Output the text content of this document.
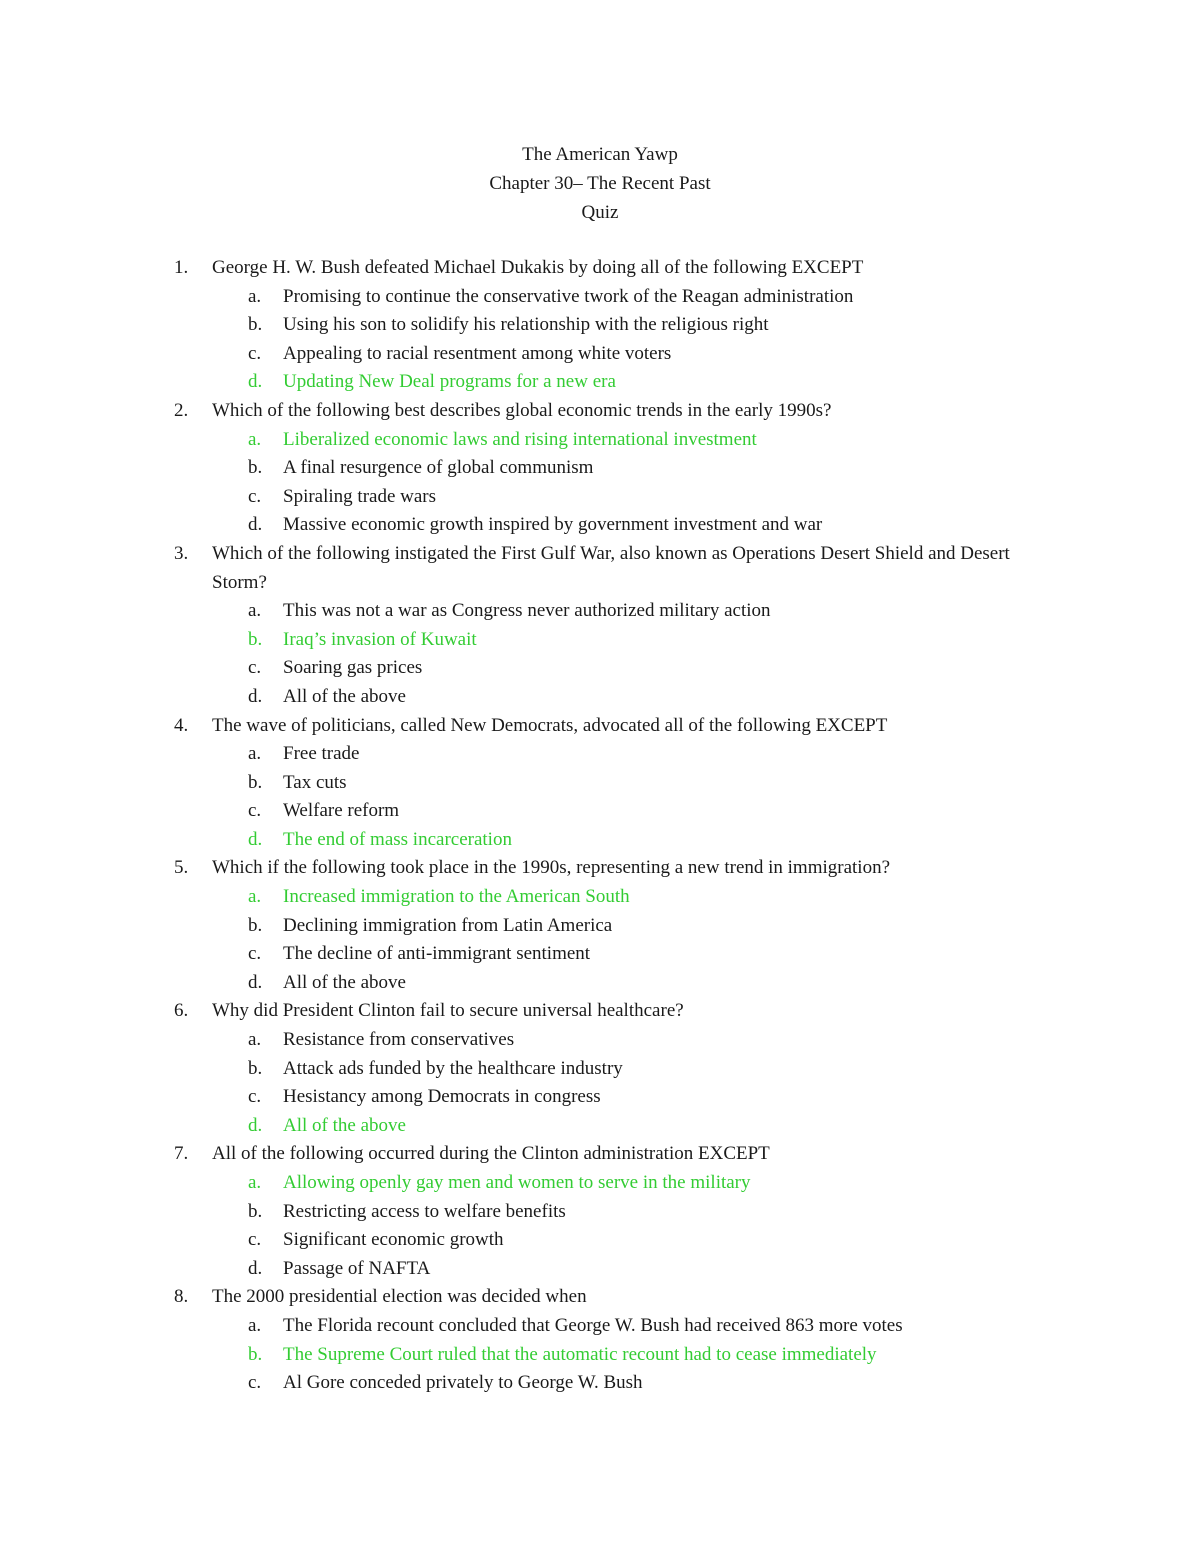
The American Yawp
Chapter 30– The Recent Past
Quiz
1. George H. W. Bush defeated Michael Dukakis by doing all of the following EXCEPT
a. Promising to continue the conservative twork of the Reagan administration
b. Using his son to solidify his relationship with the religious right
c. Appealing to racial resentment among white voters
d. Updating New Deal programs for a new era
2. Which of the following best describes global economic trends in the early 1990s?
a. Liberalized economic laws and rising international investment
b. A final resurgence of global communism
c. Spiraling trade wars
d. Massive economic growth inspired by government investment and war
3. Which of the following instigated the First Gulf War, also known as Operations Desert Shield and Desert Storm?
a. This was not a war as Congress never authorized military action
b. Iraq’s invasion of Kuwait
c. Soaring gas prices
d. All of the above
4. The wave of politicians, called New Democrats, advocated all of the following EXCEPT
a. Free trade
b. Tax cuts
c. Welfare reform
d. The end of mass incarceration
5. Which if the following took place in the 1990s, representing a new trend in immigration?
a. Increased immigration to the American South
b. Declining immigration from Latin America
c. The decline of anti-immigrant sentiment
d. All of the above
6. Why did President Clinton fail to secure universal healthcare?
a. Resistance from conservatives
b. Attack ads funded by the healthcare industry
c. Hesistancy among Democrats in congress
d. All of the above
7. All of the following occurred during the Clinton administration EXCEPT
a. Allowing openly gay men and women to serve in the military
b. Restricting access to welfare benefits
c. Significant economic growth
d. Passage of NAFTA
8. The 2000 presidential election was decided when
a. The Florida recount concluded that George W. Bush had received 863 more votes
b. The Supreme Court ruled that the automatic recount had to cease immediately
c. Al Gore conceded privately to George W. Bush
